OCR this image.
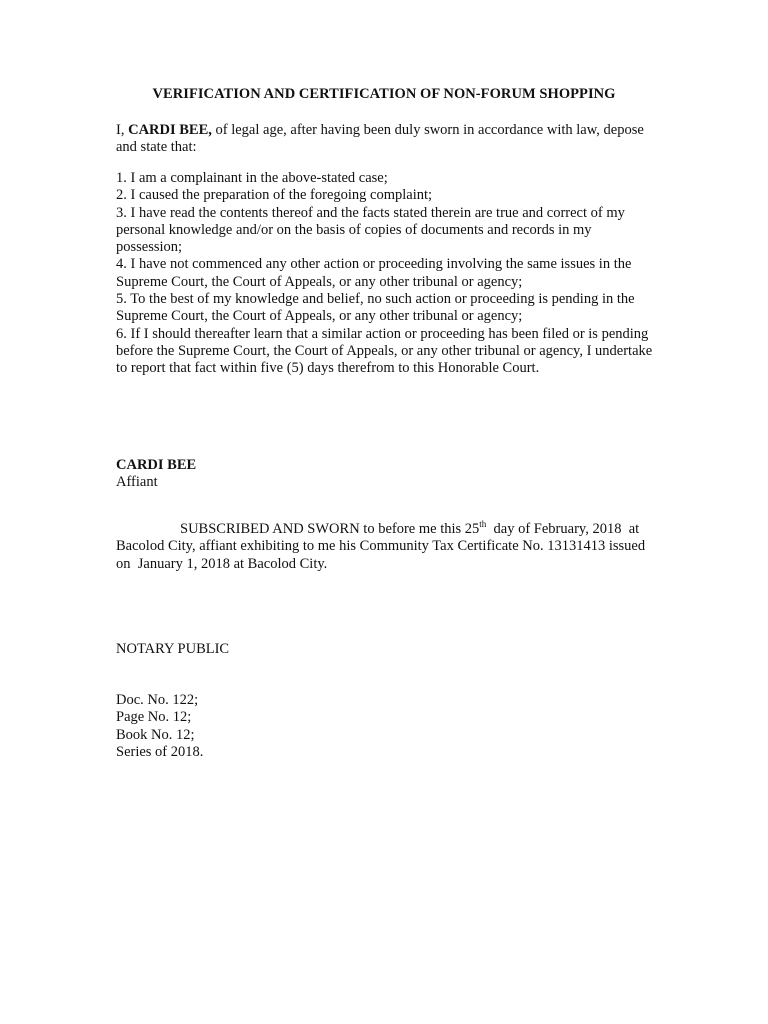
VERIFICATION AND CERTIFICATION OF NON-FORUM SHOPPING
I, CARDI BEE, of legal age, after having been duly sworn in accordance with law, depose and state that:
1. I am a complainant in the above-stated case;
2. I caused the preparation of the foregoing complaint;
3. I have read the contents thereof and the facts stated therein are true and correct of my personal knowledge and/or on the basis of copies of documents and records in my possession;
4. I have not commenced any other action or proceeding involving the same issues in the Supreme Court, the Court of Appeals, or any other tribunal or agency;
5. To the best of my knowledge and belief, no such action or proceeding is pending in the Supreme Court, the Court of Appeals, or any other tribunal or agency;
6. If I should thereafter learn that a similar action or proceeding has been filed or is pending before the Supreme Court, the Court of Appeals, or any other tribunal or agency, I undertake to report that fact within five (5) days therefrom to this Honorable Court.
CARDI BEE
Affiant
SUBSCRIBED AND SWORN to before me this 25th  day of February, 2018  at Bacolod City, affiant exhibiting to me his Community Tax Certificate No. 13131413 issued on  January 1, 2018 at Bacolod City.
NOTARY PUBLIC
Doc. No. 122;
Page No. 12;
Book No. 12;
Series of 2018.
